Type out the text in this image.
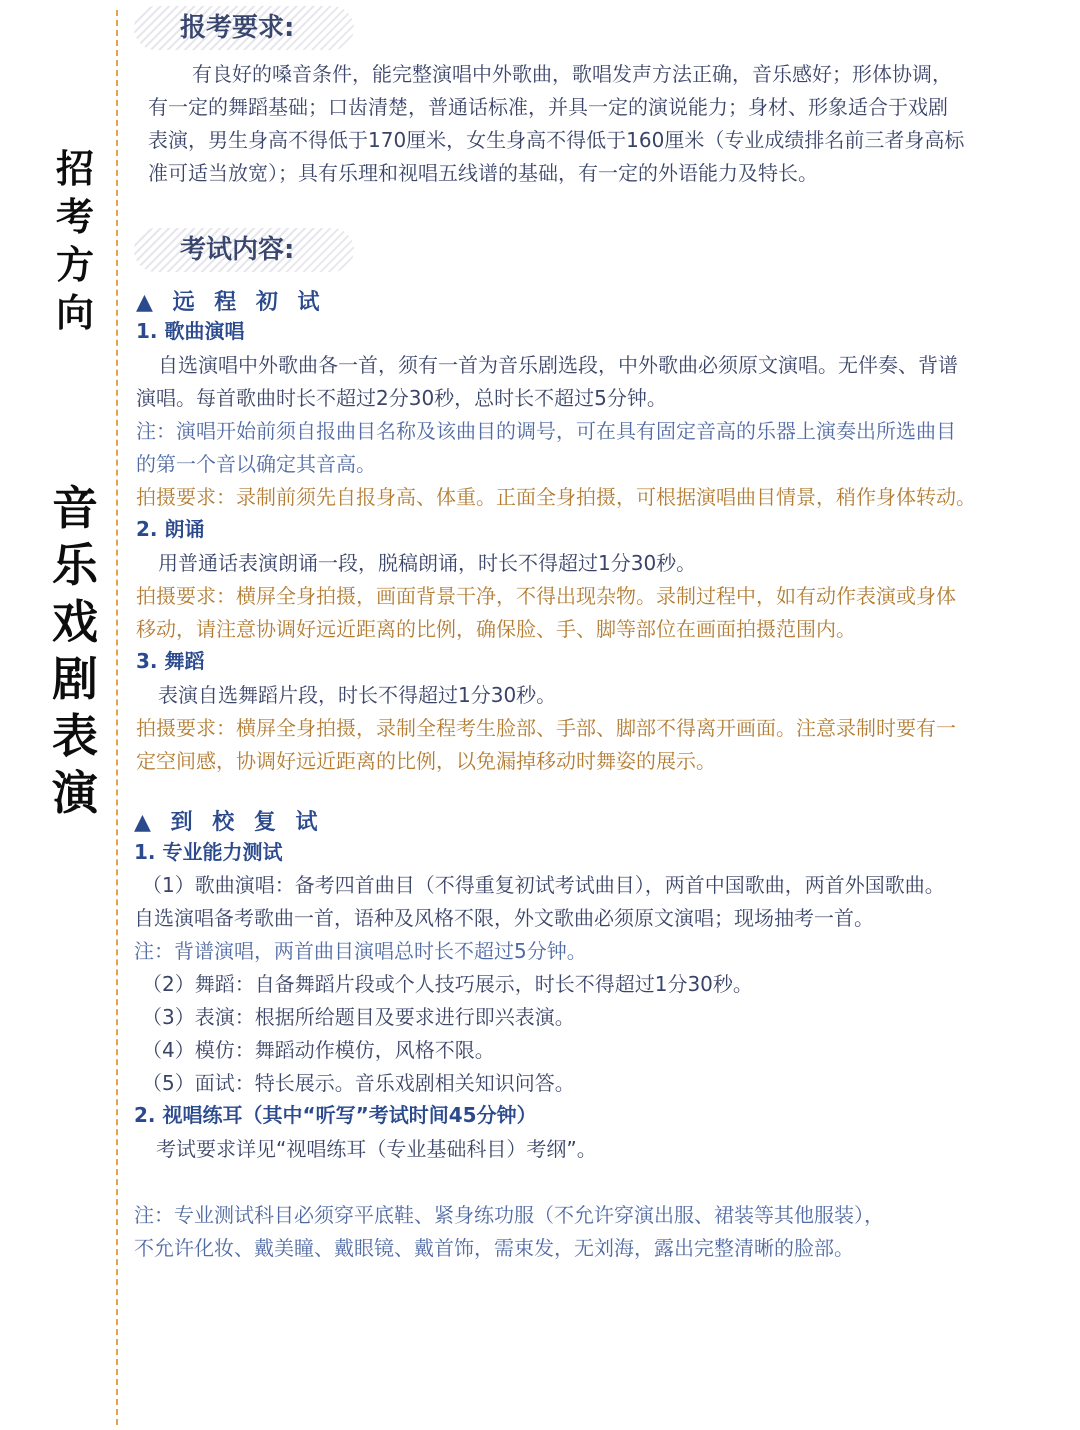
招
考
方
向
音
乐
戏
剧
表
演
报考要求:
有良好的嗓音条件，能完整演唱中外歌曲，歌唱发声方法正确，音乐感好；形体协调，
有一定的舞蹈基础；口齿清楚，普通话标准，并具一定的演说能力；身材、形象适合于戏剧
表演，男生身高不得低于170厘米，女生身高不得低于160厘米（专业成绩排名前三者身高标
准可适当放宽）；具有乐理和视唱五线谱的基础，有一定的外语能力及特长。
考试内容:
▲ 远 程 初 试
1. 歌曲演唱
自选演唱中外歌曲各一首，须有一首为音乐剧选段，中外歌曲必须原文演唱。无伴奏、背谱
演唱。每首歌曲时长不超过2分30秒，总时长不超过5分钟。
注：演唱开始前须自报曲目名称及该曲目的调号，可在具有固定音高的乐器上演奏出所选曲目
的第一个音以确定其音高。
拍摄要求：录制前须先自报身高、体重。正面全身拍摄，可根据演唱曲目情景，稍作身体转动。
2. 朗诵
用普通话表演朗诵一段，脱稿朗诵，时长不得超过1分30秒。
拍摄要求：横屏全身拍摄，画面背景干净，不得出现杂物。录制过程中，如有动作表演或身体
移动，请注意协调好远近距离的比例，确保脸、手、脚等部位在画面拍摄范围内。
3. 舞蹈
表演自选舞蹈片段，时长不得超过1分30秒。
拍摄要求：横屏全身拍摄，录制全程考生脸部、手部、脚部不得离开画面。注意录制时要有一
定空间感，协调好远近距离的比例，以免漏掉移动时舞姿的展示。
▲ 到 校 复 试
1. 专业能力测试
（1）歌曲演唱：备考四首曲目（不得重复初试考试曲目），两首中国歌曲，两首外国歌曲。
自选演唱备考歌曲一首，语种及风格不限，外文歌曲必须原文演唱；现场抽考一首。
注：背谱演唱，两首曲目演唱总时长不超过5分钟。
（2）舞蹈：自备舞蹈片段或个人技巧展示，时长不得超过1分30秒。
（3）表演：根据所给题目及要求进行即兴表演。
（4）模仿：舞蹈动作模仿，风格不限。
（5）面试：特长展示。音乐戏剧相关知识问答。
2. 视唱练耳（其中“听写”考试时间45分钟）
考试要求详见“视唱练耳（专业基础科目）考纲”。
注：专业测试科目必须穿平底鞋、紧身练功服（不允许穿演出服、裙装等其他服装），
不允许化妆、戴美瞳、戴眼镜、戴首饰，需束发，无刘海，露出完整清晰的脸部。
